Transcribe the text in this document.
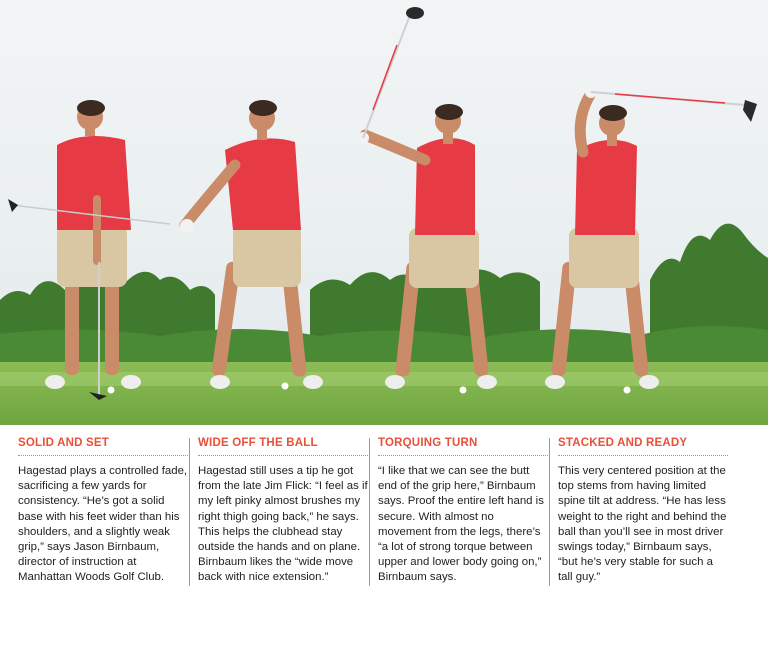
SOLID AND SET

Hagestad plays a controlled fade, sacrificing a few yards for consistency. “He’s got a solid base with his feet wider than his shoulders, and a slightly weak grip,” says Jason Birnbaum, director of instruction at Manhattan Woods Golf Club.

WIDE OFF THE BALL

Hagestad still uses a tip he got from the late Jim Flick: “I feel as if my left pinky almost brushes my right thigh going back,” he says. This helps the clubhead stay outside the hands and on plane. Birnbaum likes the “wide move back with nice extension.”

TORQUING TURN

“I like that we can see the butt end of the grip here,” Birnbaum says. Proof the entire left hand is secure. With almost no movement from the legs, there’s “a lot of strong torque between upper and lower body going on,” Birnbaum says.

STACKED AND READY

This very centered position at the top stems from having limited spine tilt at address. “He has less weight to the right and behind the ball than you’ll see in most driver swings today,” Birnbaum says, “but he’s very stable for such a tall guy.”
